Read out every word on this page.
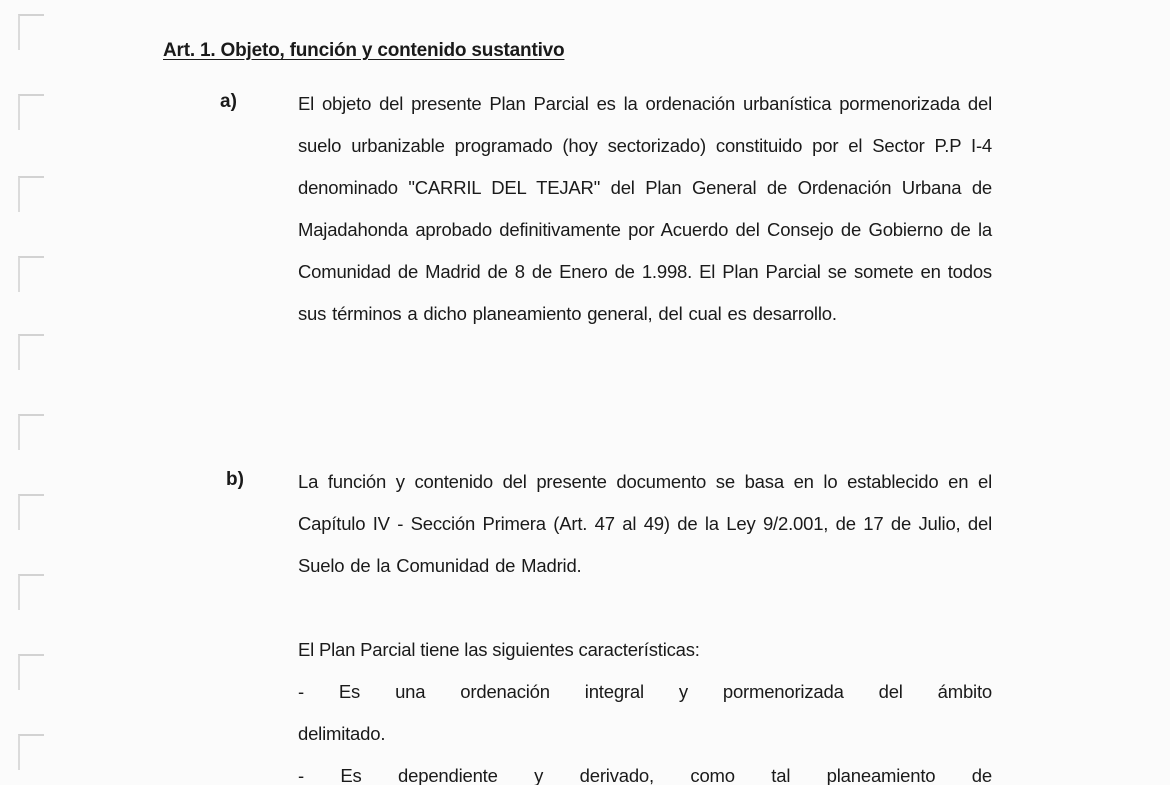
Art. 1. Objeto, función y contenido sustantivo
a)	El objeto del presente Plan Parcial es la ordenación urbanística pormenorizada del suelo urbanizable programado (hoy sectorizado) constituido por el Sector P.P I-4 denominado "CARRIL DEL TEJAR" del Plan General de Ordenación Urbana de Majadahonda aprobado definitivamente por Acuerdo del Consejo de Gobierno de la Comunidad de Madrid de 8 de Enero de 1.998. El Plan Parcial se somete en todos sus términos a dicho planeamiento general, del cual es desarrollo.
b)	La función y contenido del presente documento se basa en lo establecido en el Capítulo IV - Sección Primera (Art. 47 al 49) de la Ley 9/2.001, de 17 de Julio, del Suelo de la Comunidad de Madrid.
El Plan Parcial tiene las siguientes características:
- Es una ordenación integral y pormenorizada del ámbito
delimitado.
- Es dependiente y derivado, como tal planeamiento de
